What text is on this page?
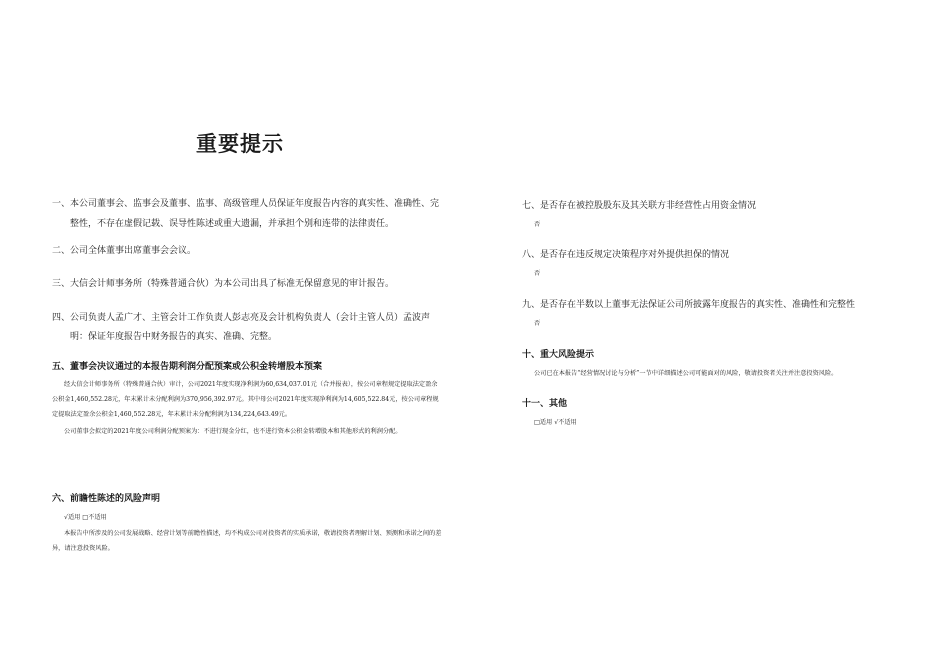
重要提示

一、本公司董事会、监事会及董事、监事、高级管理人员保证年度报告内容的真实性、准确性、完整性，不存在虚假记载、误导性陈述或重大遗漏，并承担个别和连带的法律责任。

二、公司全体董事出席董事会会议。

三、大信会计师事务所（特殊普通合伙）为本公司出具了标准无保留意见的审计报告。

四、公司负责人孟广才、主管会计工作负责人彭志亮及会计机构负责人（会计主管人员）孟波声明：保证年度报告中财务报告的真实、准确、完整。

五、董事会决议通过的本报告期利润分配预案或公积金转增股本预案

经大信会计师事务所（特殊普通合伙）审计，公司2021年度实现净利润为60,634,037.01元（合并报表），按公司章程规定提取法定盈余公积金1,460,552.28元，年末累计未分配利润为370,956,392.97元。其中母公司2021年度实现净利润为14,605,522.84元，按公司章程规定提取法定盈余公积金1,460,552.28元，年末累计未分配利润为134,224,643.49元。

公司董事会拟定的2021年度公司利润分配预案为：不进行现金分红，也不进行资本公积金转增股本和其他形式的利润分配。

六、前瞻性陈述的风险声明

√适用 □不适用

本报告中所涉及的公司发展战略、经营计划等前瞻性描述，均不构成公司对投资者的实质承诺，敬请投资者理解计划、预测和承诺之间的差异，请注意投资风险。

七、是否存在被控股股东及其关联方非经营性占用资金情况

否

八、是否存在违反规定决策程序对外提供担保的情况

否

九、是否存在半数以上董事无法保证公司所披露年度报告的真实性、准确性和完整性

否

十、重大风险提示

公司已在本报告“经营情况讨论与分析”一节中详细描述公司可能面对的风险，敬请投资者关注并注意投资风险。

十一、其他

□适用 √不适用
